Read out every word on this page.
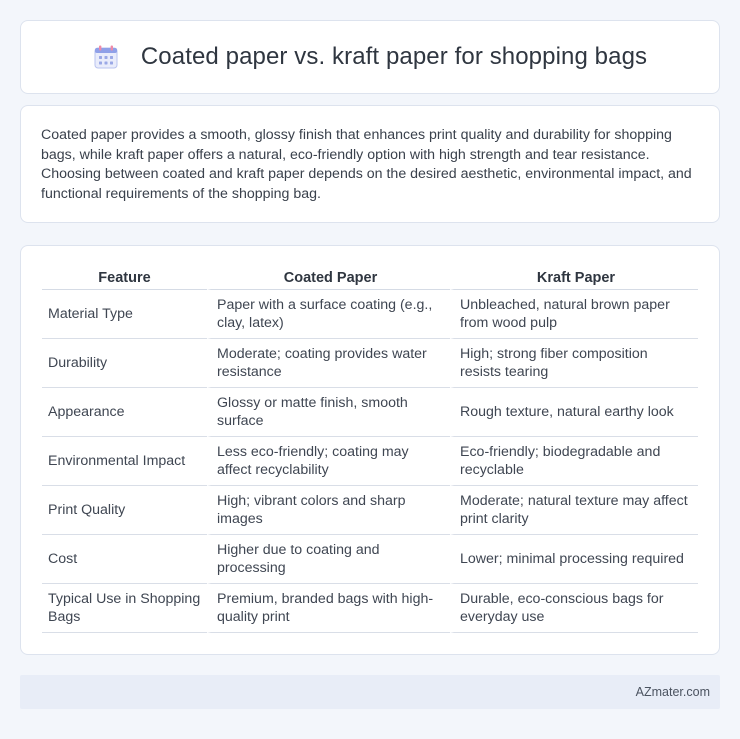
Coated paper vs. kraft paper for shopping bags

Coated paper provides a smooth, glossy finish that enhances print quality and durability for shopping bags, while kraft paper offers a natural, eco-friendly option with high strength and tear resistance. Choosing between coated and kraft paper depends on the desired aesthetic, environmental impact, and functional requirements of the shopping bag.

Feature	Coated Paper	Kraft Paper
Material Type	Paper with a surface coating (e.g., clay, latex)	Unbleached, natural brown paper from wood pulp
Durability	Moderate; coating provides water resistance	High; strong fiber composition resists tearing
Appearance	Glossy or matte finish, smooth surface	Rough texture, natural earthy look
Environmental Impact	Less eco-friendly; coating may affect recyclability	Eco-friendly; biodegradable and recyclable
Print Quality	High; vibrant colors and sharp images	Moderate; natural texture may affect print clarity
Cost	Higher due to coating and processing	Lower; minimal processing required
Typical Use in Shopping Bags	Premium, branded bags with high-quality print	Durable, eco-conscious bags for everyday use
AZmater.com
